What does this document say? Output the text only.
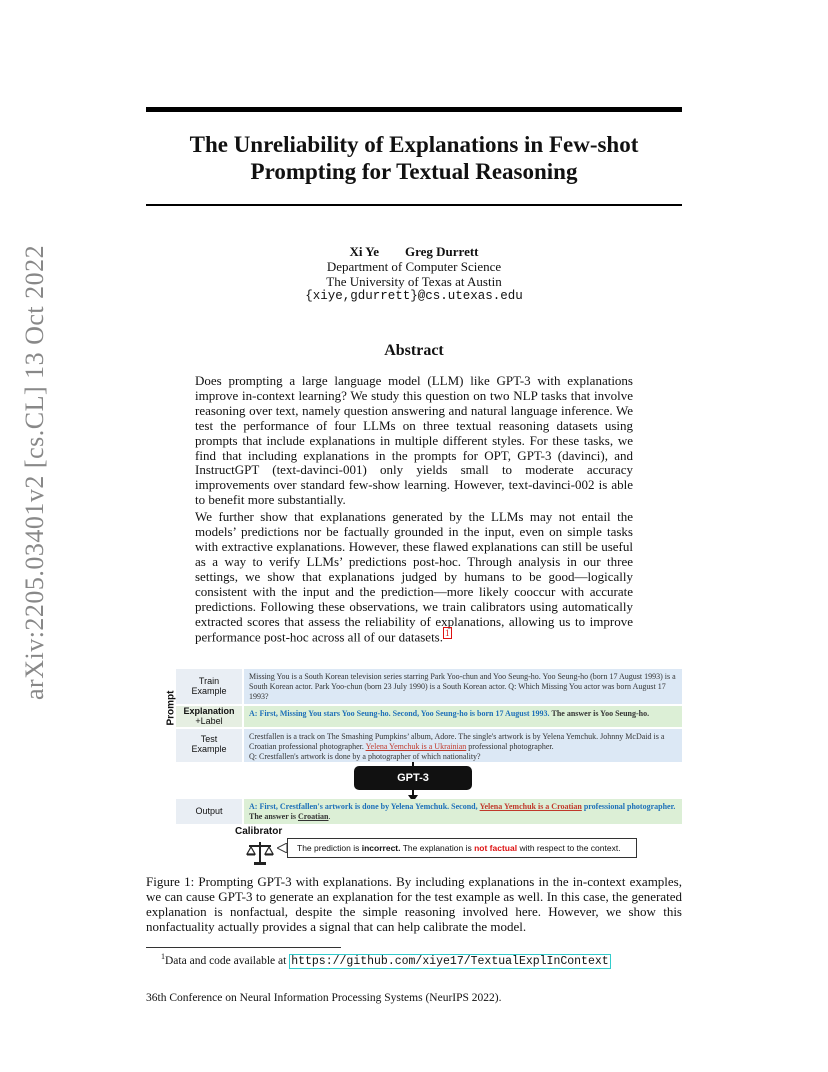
arXiv:2205.03401v2 [cs.CL] 13 Oct 2022
The Unreliability of Explanations in Few-shot
Prompting for Textual Reasoning
Xi Ye Greg Durrett
Department of Computer Science
The University of Texas at Austin
{xiye,gdurrett}@cs.utexas.edu
Abstract

Does prompting a large language model (LLM) like GPT-3 with explanations improve in-context learning? We study this question on two NLP tasks that involve reasoning over text, namely question answering and natural language inference. We test the performance of four LLMs on three textual reasoning datasets using prompts that include explanations in multiple different styles. For these tasks, we find that including explanations in the prompts for OPT, GPT-3 (davinci), and InstructGPT (text-davinci-001) only yields small to moderate accuracy improvements over standard few-show learning. However, text-davinci-002 is able to benefit more substantially.

We further show that explanations generated by the LLMs may not entail the models’ predictions nor be factually grounded in the input, even on simple tasks with extractive explanations. However, these flawed explanations can still be useful as a way to verify LLMs’ predictions post-hoc. Through analysis in our three settings, we show that explanations judged by humans to be good—logically consistent with the input and the prediction—more likely cooccur with accurate predictions. Following these observations, we train calibrators using automatically extracted scores that assess the reliability of explanations, allowing us to improve performance post-hoc across all of our datasets. $^1$

Prompt
Train Example
Missing You is a South Korean television series starring Park Yoo-chun and Yoo Seung-ho. Yoo Seung-ho (born 17 August 1993) is a South Korean actor. Park Yoo-chun (born 23 July 1990) is a South Korean actor. Q: Which Missing You actor was born August 17 1993?
Explanation
+Label
A: First, Missing You stars Yoo Seung-ho. Second, Yoo Seung-ho is born 17 August 1993. The answer is Yoo Seung-ho.
Test Example
Crestfallen is a track on The Smashing Pumpkins’ album, Adore. The single's artwork is by Yelena Yemchuk. Johnny McDaid is a Croatian professional photographer. Yelena Yemchuk is a Ukrainian professional photographer.
Q: Crestfallen's artwork is done by a photographer of which nationality?
GPT-3
Output	A: First, Crestfallen's artwork is done by Yelena Yemchuk. Second, Yelena Yemchuk is a Croatian professional photographer. The answer is Croatian.
Calibrator
The prediction is incorrect. The explanation is not factual with respect to the context.
Figure 1: Prompting GPT-3 with explanations. By including explanations in the in-context examples, we can cause GPT-3 to generate an explanation for the test example as well. In this case, the generated explanation is nonfactual, despite the simple reasoning involved here. However, we show this nonfactuality actually provides a signal that can help calibrate the model.
$^1$Data and code available at https://github.com/xiye17/TextualExplInContext
36th Conference on Neural Information Processing Systems (NeurIPS 2022).
